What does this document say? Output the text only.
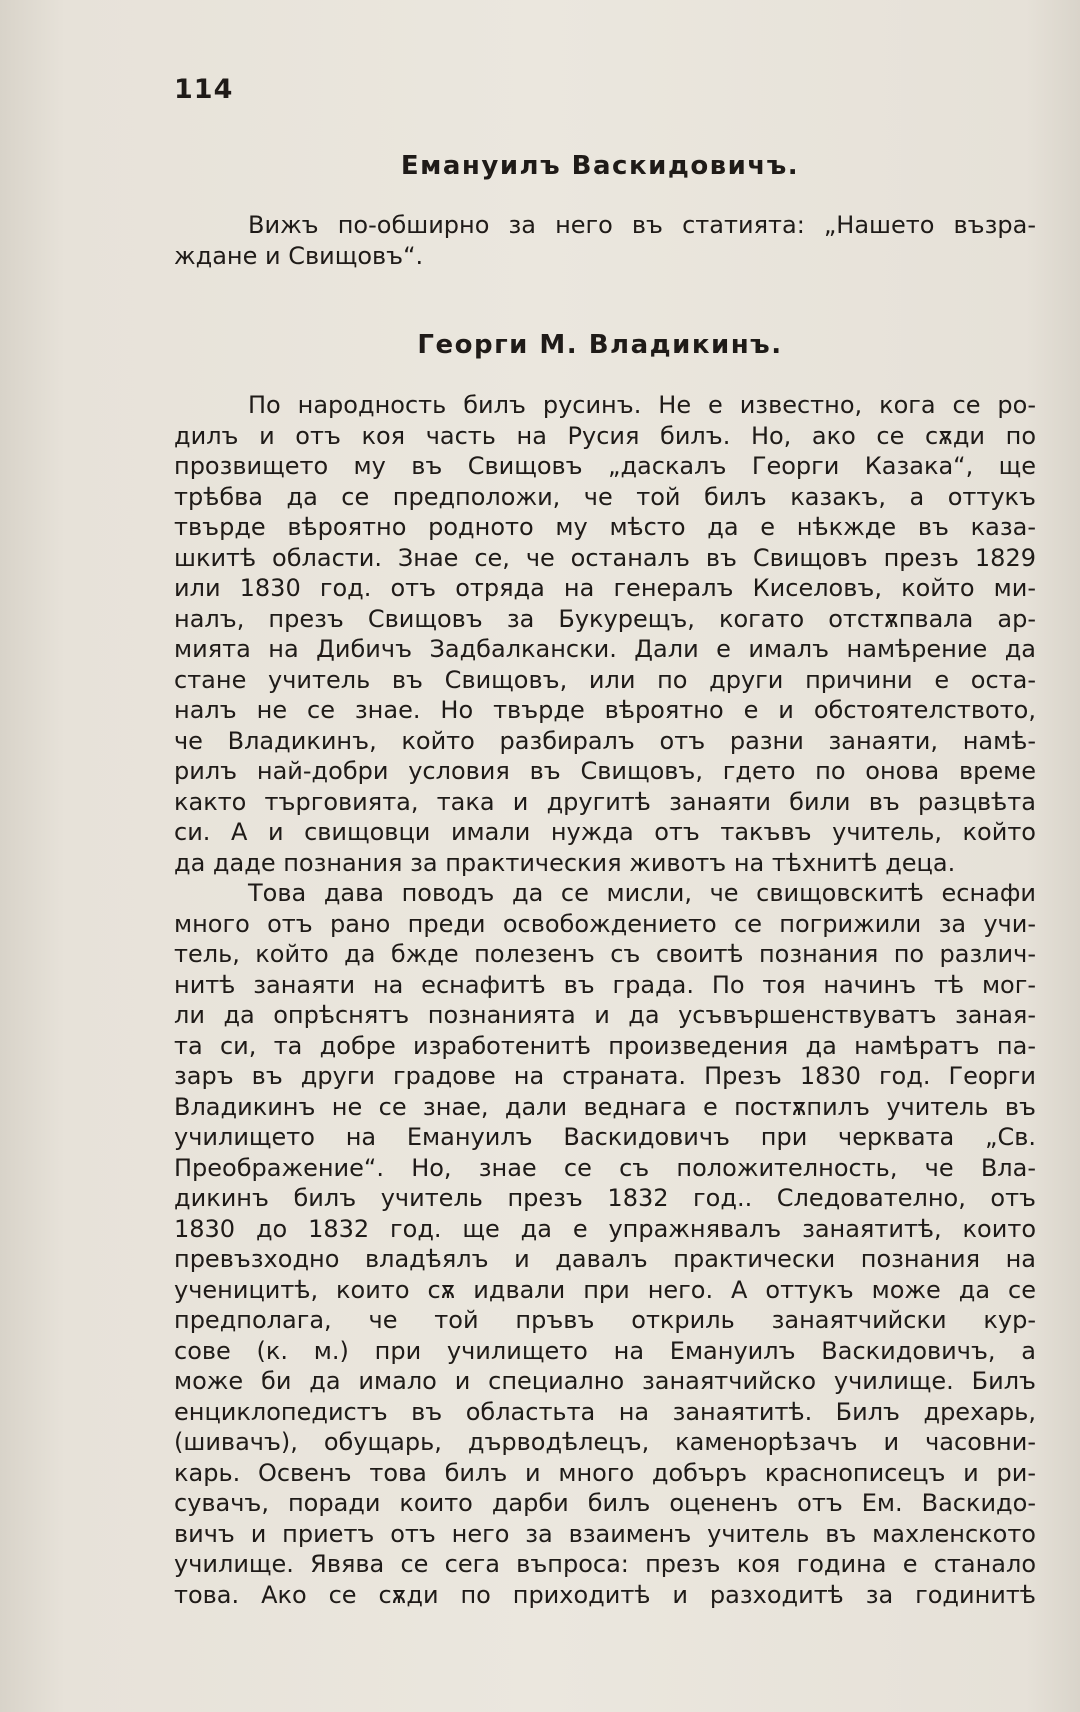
114
Емануилъ Васкидовичъ.
Вижъ по-обширно за него въ статията: „Нашето възра-
ждане и Свищовъ“.
Георги М. Владикинъ.
По народность билъ русинъ. Не е известно, кога се ро-
дилъ и отъ коя часть на Русия билъ. Но, ако се сѫди по
прозвището му въ Свищовъ „даскалъ Георги Казака“, ще
трѣбва да се предположи, че той билъ казакъ, а оттукъ
твърде вѣроятно родното му мѣсто да е нѣкжде въ каза-
шкитѣ области. Знае се, че останалъ въ Свищовъ презъ 1829
или 1830 год. отъ отряда на генералъ Киселовъ, който ми-
налъ, презъ Свищовъ за Букурещъ, когато отстѫпвала ар-
мията на Дибичъ Задбалкански. Дали е ималъ намѣрение да
стане учитель въ Свищовъ, или по други причини е оста-
налъ не се знае. Но твърде вѣроятно е и обстоятелството,
че Владикинъ, който разбиралъ отъ разни занаяти, намѣ-
рилъ най-добри условия въ Свищовъ, гдето по онова време
както търговията, така и другитѣ занаяти били въ разцвѣта
си. А и свищовци имали нужда отъ такъвъ учитель, който
да даде познания за практическия животъ на тѣхнитѣ деца.
Това дава поводъ да се мисли, че свищовскитѣ еснафи
много отъ рано преди освобождението се погрижили за учи-
тель, който да бжде полезенъ съ своитѣ познания по различ-
нитѣ занаяти на еснафитѣ въ града. По тоя начинъ тѣ мог-
ли да опрѣснятъ познанията и да усъвършенствуватъ заная-
та си, та добре изработенитѣ произведения да намѣратъ па-
заръ въ други градове на страната. Презъ 1830 год. Георги
Владикинъ не се знае, дали веднага е постѫпилъ учитель въ
училището на Емануилъ Васкидовичъ при черквата „Св.
Преображение“. Но, знае се съ положителность, че Вла-
дикинъ билъ учитель презъ 1832 год.. Следователно, отъ
1830 до 1832 год. ще да е упражнявалъ занаятитѣ, които
превъзходно владѣялъ и давалъ практически познания на
ученицитѣ, които сѫ идвали при него. А оттукъ може да се
предполага, че той пръвъ откриль занаятчийски кур-
сове (к. м.) при училището на Емануилъ Васкидовичъ, а
може би да имало и специално занаятчийско училище. Билъ
енциклопедистъ въ областьта на занаятитѣ. Билъ дрехарь,
(шивачъ), обущарь, дърводѣлецъ, каменорѣзачъ и часовни-
карь. Освенъ това билъ и много добъръ краснописецъ и ри-
сувачъ, поради които дарби билъ оцененъ отъ Ем. Васкидо-
вичъ и приетъ отъ него за взаименъ учитель въ махленското
училище. Явява се сега въпроса: презъ коя година е станало
това. Ако се сѫди по приходитѣ и разходитѣ за годинитѣ
